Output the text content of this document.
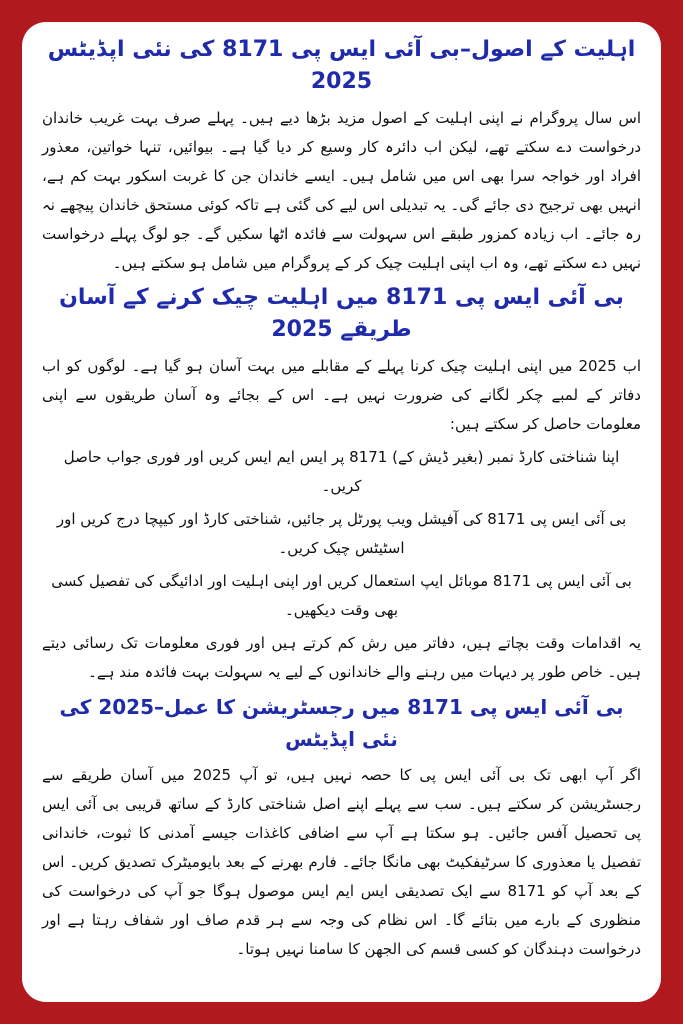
اہلیت کے اصول–بی آئی ایس پی 8171 کی نئی اپڈیٹس 2025

اس سال پروگرام نے اپنی اہلیت کے اصول مزید بڑھا دیے ہیں۔ پہلے صرف بہت غریب خاندان درخواست دے سکتے تھے، لیکن اب دائرہ کار وسیع کر دیا گیا ہے۔ بیوائیں، تنہا خواتین، معذور افراد اور خواجہ سرا بھی اس میں شامل ہیں۔ ایسے خاندان جن کا غربت اسکور بہت کم ہے، انہیں بھی ترجیح دی جائے گی۔ یہ تبدیلی اس لیے کی گئی ہے تاکہ کوئی مستحق خاندان پیچھے نہ رہ جائے۔ اب زیادہ کمزور طبقے اس سہولت سے فائدہ اٹھا سکیں گے۔ جو لوگ پہلے درخواست نہیں دے سکتے تھے، وہ اب اپنی اہلیت چیک کر کے پروگرام میں شامل ہو سکتے ہیں۔

بی آئی ایس پی 8171 میں اہلیت چیک کرنے کے آسان طریقے 2025

اب 2025 میں اپنی اہلیت چیک کرنا پہلے کے مقابلے میں بہت آسان ہو گیا ہے۔ لوگوں کو اب دفاتر کے لمبے چکر لگانے کی ضرورت نہیں ہے۔ اس کے بجائے وہ آسان طریقوں سے اپنی معلومات حاصل کر سکتے ہیں:

اپنا شناختی کارڈ نمبر (بغیر ڈیش کے) 8171 پر ایس ایم ایس کریں اور فوری جواب حاصل کریں۔
بی آئی ایس پی 8171 کی آفیشل ویب پورٹل پر جائیں، شناختی کارڈ اور کیپچا درج کریں اور اسٹیٹس چیک کریں۔
بی آئی ایس پی 8171 موبائل ایپ استعمال کریں اور اپنی اہلیت اور ادائیگی کی تفصیل کسی بھی وقت دیکھیں۔

یہ اقدامات وقت بچاتے ہیں، دفاتر میں رش کم کرتے ہیں اور فوری معلومات تک رسائی دیتے ہیں۔ خاص طور پر دیہات میں رہنے والے خاندانوں کے لیے یہ سہولت بہت فائدہ مند ہے۔

بی آئی ایس پی 8171 میں رجسٹریشن کا عمل–2025 کی نئی اپڈیٹس

اگر آپ ابھی تک بی آئی ایس پی کا حصہ نہیں ہیں، تو آپ 2025 میں آسان طریقے سے رجسٹریشن کر سکتے ہیں۔ سب سے پہلے اپنے اصل شناختی کارڈ کے ساتھ قریبی بی آئی ایس پی تحصیل آفس جائیں۔ ہو سکتا ہے آپ سے اضافی کاغذات جیسے آمدنی کا ثبوت، خاندانی تفصیل یا معذوری کا سرٹیفکیٹ بھی مانگا جائے۔ فارم بھرنے کے بعد بایومیٹرک تصدیق کریں۔ اس کے بعد آپ کو 8171 سے ایک تصدیقی ایس ایم ایس موصول ہوگا جو آپ کی درخواست کی منظوری کے بارے میں بتائے گا۔ اس نظام کی وجہ سے ہر قدم صاف اور شفاف رہتا ہے اور درخواست دہندگان کو کسی قسم کی الجھن کا سامنا نہیں ہوتا۔
